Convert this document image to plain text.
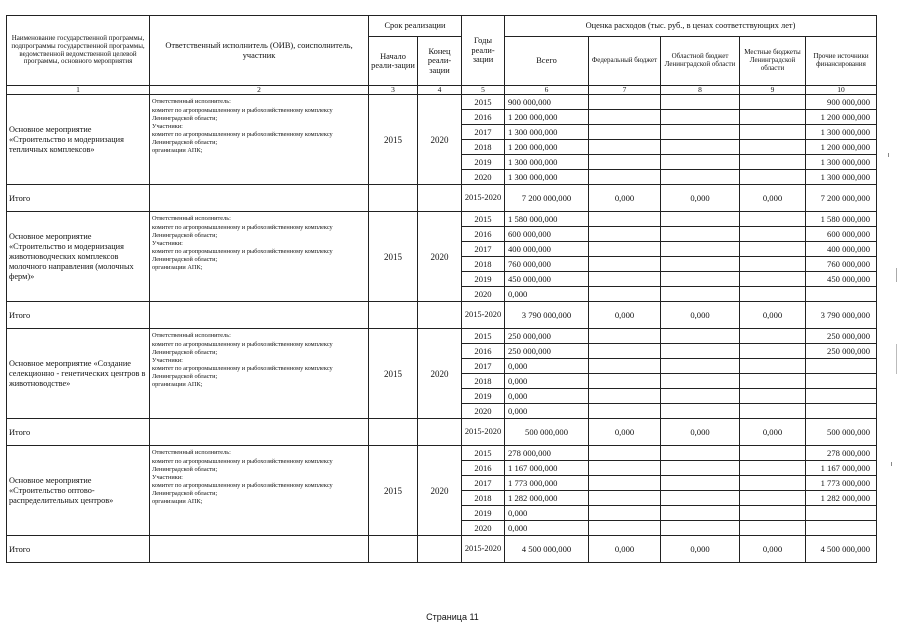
Наименование государственной программы, подпрограммы государственной программы, ведомственной ведомственной целевой программы, основного мероприятия	Ответственный исполнитель (ОИВ), соисполнитель, участник	Срок реализации		Годы реали-зации	Оценка расходов (тыс. руб., в ценах соответствующих лет)				
		Начало реали-зации	Конец реали-зации		Всего	Федеральный бюджет	Областной бюджет Ленинградской области	Местные бюджеты Ленинградской области	Прочие источники финансирования
1	2	3	4	5	6	7	8	9	10
Основное мероприятие «Строительство и модернизация тепличных комплексов»	Ответственный исполнитель:
комитет по агропромышленному и рыбохозяйственному комплексу Ленинградской области;
Участники:
комитет по агропромышленному и рыбохозяйственному комплексу Ленинградской области;
организации АПК;	2015	2020	2015	900 000,000				900 000,000
				2016	1 200 000,000				1 200 000,000
				2017	1 300 000,000				1 300 000,000
				2018	1 200 000,000				1 200 000,000
				2019	1 300 000,000				1 300 000,000
				2020	1 300 000,000				1 300 000,000
Итого				2015-2020	7 200 000,000	0,000	0,000	0,000	7 200 000,000
Основное мероприятие «Строительство и модернизация животноводческих комплексов молочного направления (молочных ферм)»	Ответственный исполнитель:
комитет по агропромышленному и рыбохозяйственному комплексу Ленинградской области;
Участники:
комитет по агропромышленному и рыбохозяйственному комплексу Ленинградской области;
организации АПК;	2015	2020	2015	1 580 000,000				1 580 000,000
				2016	600 000,000				600 000,000
				2017	400 000,000				400 000,000
				2018	760 000,000				760 000,000
				2019	450 000,000				450 000,000
				2020	0,000				
Итого				2015-2020	3 790 000,000	0,000	0,000	0,000	3 790 000,000
Основное мероприятие «Создание селекционно - генетических центров в животноводстве»	Ответственный исполнитель:
комитет по агропромышленному и рыбохозяйственному комплексу Ленинградской области;
Участники:
комитет по агропромышленному и рыбохозяйственному комплексу Ленинградской области;
организации АПК;	2015	2020	2015	250 000,000				250 000,000
				2016	250 000,000				250 000,000
				2017	0,000				
				2018	0,000				
				2019	0,000				
				2020	0,000				
Итого				2015-2020	500 000,000	0,000	0,000	0,000	500 000,000
Основное мероприятие «Строительство оптово-распределительных центров»	Ответственный исполнитель:
комитет по агропромышленному и рыбохозяйственному комплексу Ленинградской области;
Участники:
комитет по агропромышленному и рыбохозяйственному комплексу Ленинградской области;
организации АПК;	2015	2020	2015	278 000,000				278 000,000
				2016	1 167 000,000				1 167 000,000
				2017	1 773 000,000				1 773 000,000
				2018	1 282 000,000				1 282 000,000
				2019	0,000				
				2020	0,000				
Итого				2015-2020	4 500 000,000	0,000	0,000	0,000	4 500 000,000
Страница 11
